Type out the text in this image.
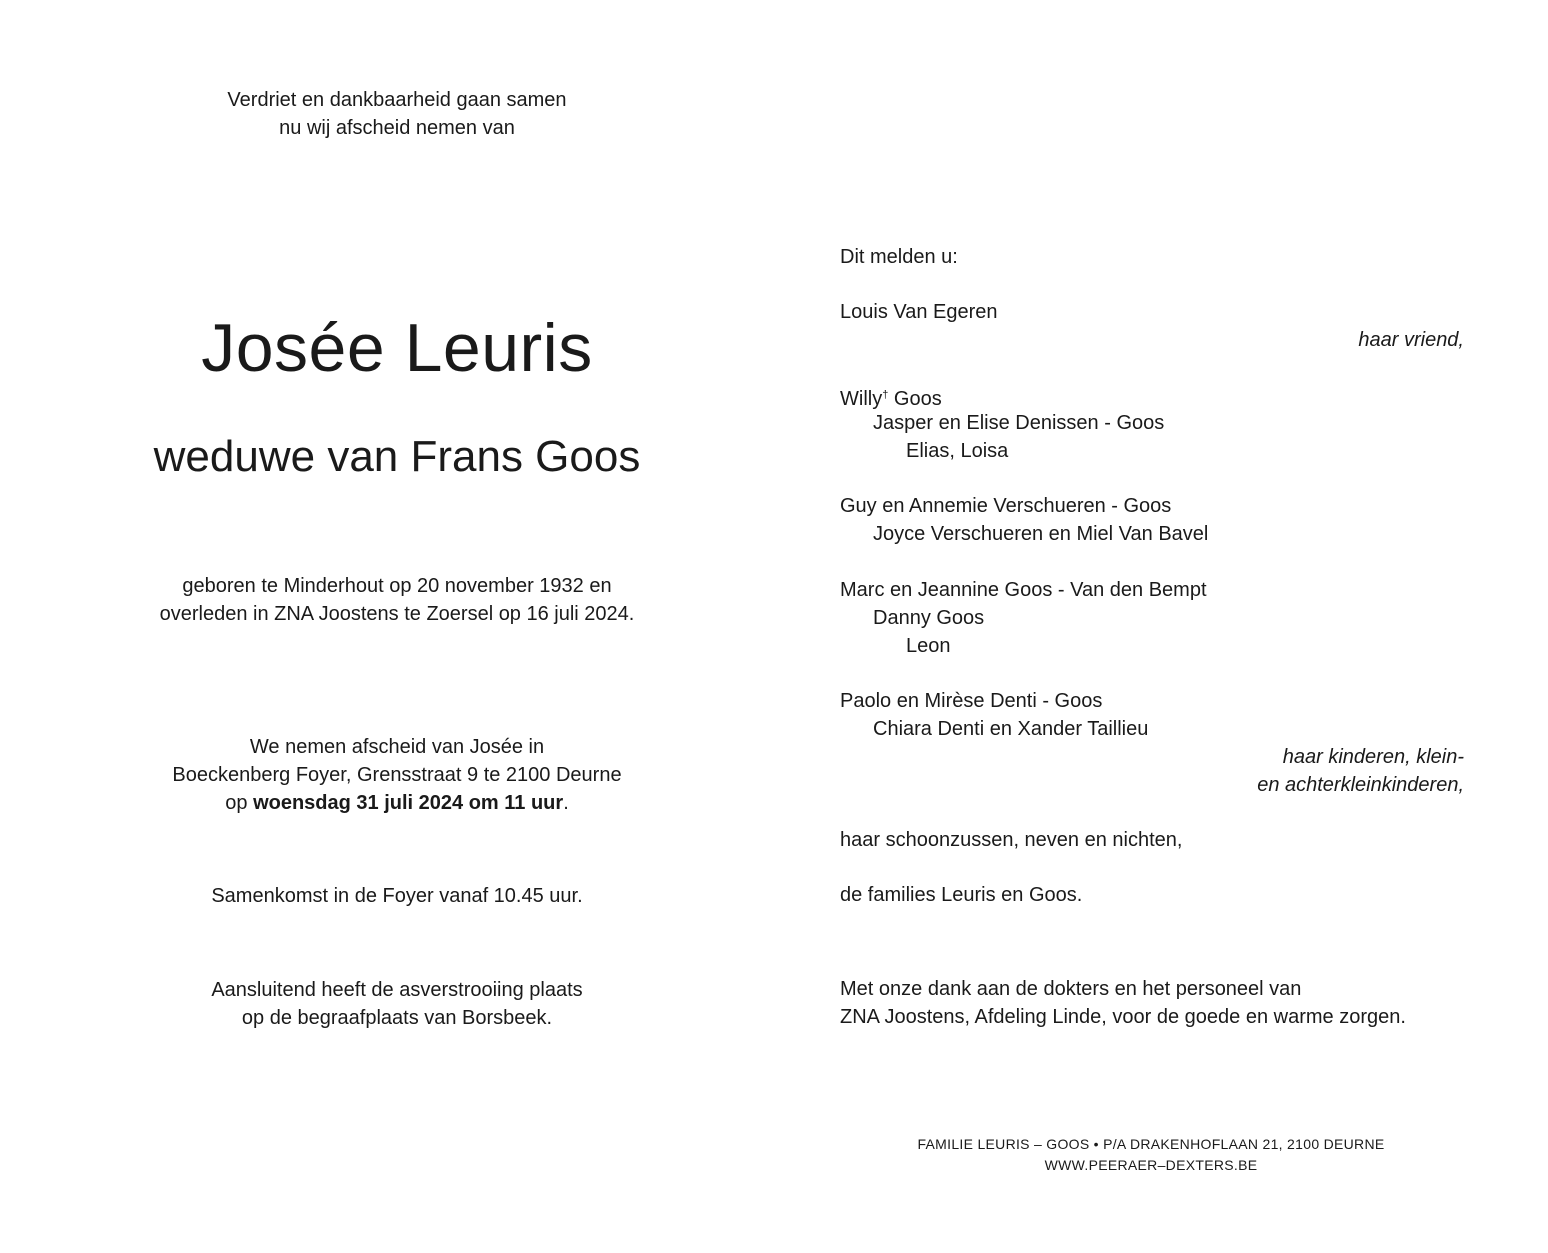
Verdriet en dankbaarheid gaan samen
nu wij afscheid nemen van
Josée Leuris
weduwe van Frans Goos
geboren te Minderhout op 20 november 1932 en
overleden in ZNA Joostens te Zoersel op 16 juli 2024.
We nemen afscheid van Josée in
Boeckenberg Foyer, Grensstraat 9 te 2100 Deurne
op woensdag 31 juli 2024 om 11 uur.
Samenkomst in de Foyer vanaf 10.45 uur.
Aansluitend heeft de asverstrooiing plaats
op de begraafplaats van Borsbeek.
Dit melden u:
Louis Van Egeren
haar vriend,
Willy† Goos
Jasper en Elise Denissen - Goos
Elias, Loisa
Guy en Annemie Verschueren - Goos
Joyce Verschueren en Miel Van Bavel
Marc en Jeannine Goos - Van den Bempt
Danny Goos
Leon
Paolo en Mirèse Denti - Goos
Chiara Denti en Xander Taillieu
haar kinderen, klein-
en achterkleinkinderen,
haar schoonzussen, neven en nichten,
de families Leuris en Goos.
Met onze dank aan de dokters en het personeel van
ZNA Joostens, Afdeling Linde, voor de goede en warme zorgen.
FAMILIE LEURIS – GOOS • P/A DRAKENHOFLAAN 21, 2100 DEURNE
WWW.PEERAER–DEXTERS.BE
